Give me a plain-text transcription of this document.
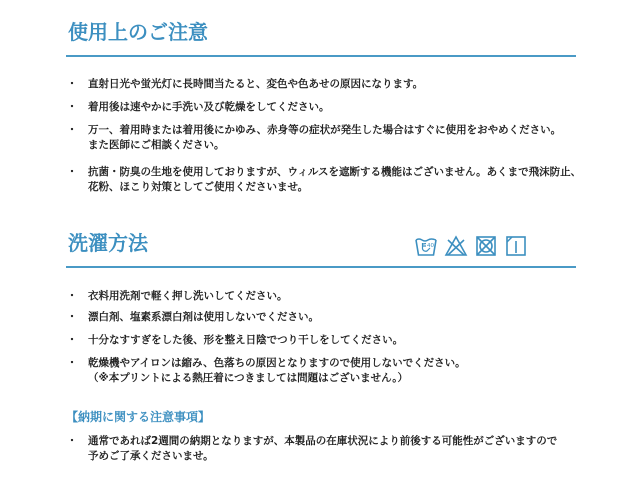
使用上のご注意
・ 直射日光や蛍光灯に長時間当たると、変色や色あせの原因になります。
・ 着用後は速やかに手洗い及び乾燥をしてください。
・ 万一、着用時または着用後にかゆみ、赤身等の症状が発生した場合はすぐに使用をおやめください。
また医師にご相談ください。
・ 抗菌・防臭の生地を使用しておりますが、ウィルスを遮断する機能はございません。あくまで飛沫防止、
花粉、ほこり対策としてご使用くださいませ。
洗濯方法	40
・ 衣料用洗剤で軽く押し洗いしてください。
・ 漂白剤、塩素系漂白剤は使用しないでください。
・ 十分なすすぎをした後、形を整え日陰でつり干しをしてください。
・ 乾燥機やアイロンは縮み、色落ちの原因となりますので使用しないでください。
（※本プリントによる熱圧着につきましては問題はございません。）
【納期に関する注意事項】
・ 通常であれば2週間の納期となりますが、本製品の在庫状況により前後する可能性がございますので
予めご了承くださいませ。
